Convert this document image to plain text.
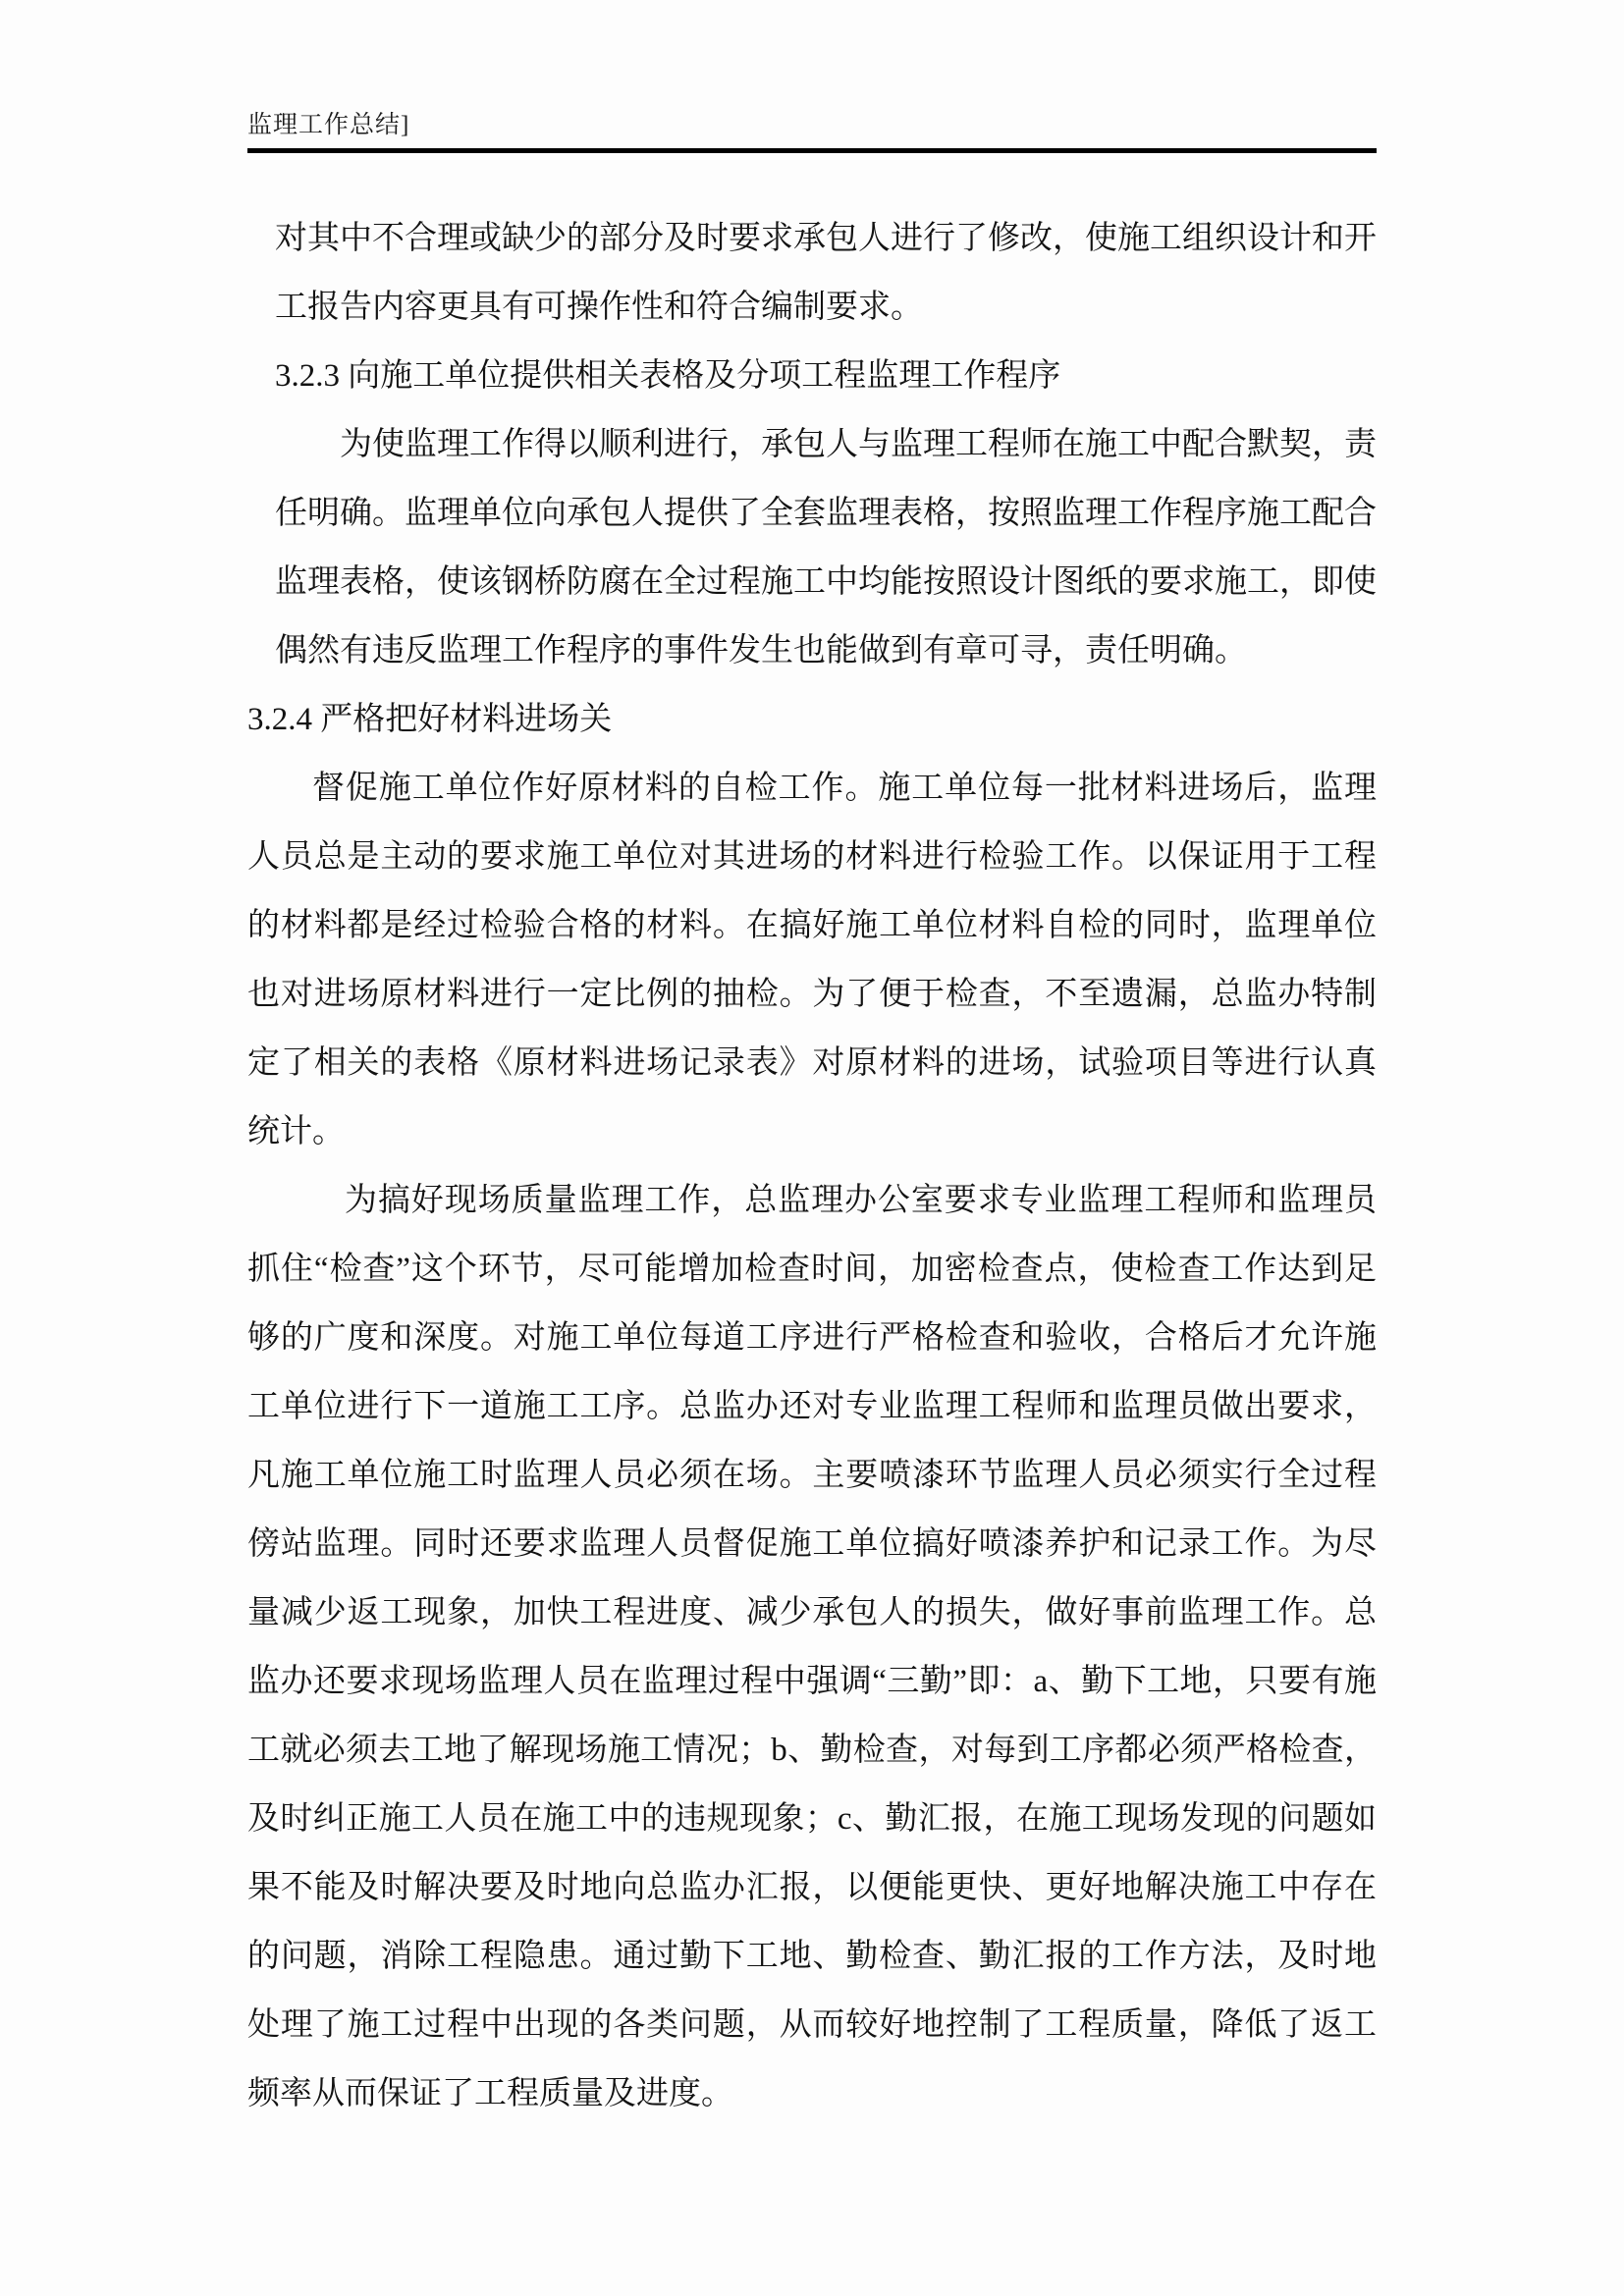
监理工作总结]

对其中不合理或缺少的部分及时要求承包人进行了修改，使施工组织设计和开工报告内容更具有可操作性和符合编制要求。

3.2.3 向施工单位提供相关表格及分项工程监理工作程序

为使监理工作得以顺利进行，承包人与监理工程师在施工中配合默契，责任明确。监理单位向承包人提供了全套监理表格，按照监理工作程序施工配合监理表格，使该钢桥防腐在全过程施工中均能按照设计图纸的要求施工，即使偶然有违反监理工作程序的事件发生也能做到有章可寻，责任明确。

3.2.4 严格把好材料进场关

督促施工单位作好原材料的自检工作。施工单位每一批材料进场后，监理人员总是主动的要求施工单位对其进场的材料进行检验工作。以保证用于工程的材料都是经过检验合格的材料。在搞好施工单位材料自检的同时，监理单位也对进场原材料进行一定比例的抽检。为了便于检查，不至遗漏，总监办特制定了相关的表格《原材料进场记录表》对原材料的进场，试验项目等进行认真统计。

为搞好现场质量监理工作，总监理办公室要求专业监理工程师和监理员抓住“检查”这个环节，尽可能增加检查时间，加密检查点，使检查工作达到足够的广度和深度。对施工单位每道工序进行严格检查和验收，合格后才允许施工单位进行下一道施工工序。总监办还对专业监理工程师和监理员做出要求，凡施工单位施工时监理人员必须在场。主要喷漆环节监理人员必须实行全过程傍站监理。同时还要求监理人员督促施工单位搞好喷漆养护和记录工作。为尽量减少返工现象，加快工程进度、减少承包人的损失，做好事前监理工作。总监办还要求现场监理人员在监理过程中强调“三勤”即：a、勤下工地，只要有施工就必须去工地了解现场施工情况；b、勤检查，对每到工序都必须严格检查，及时纠正施工人员在施工中的违规现象；c、勤汇报，在施工现场发现的问题如果不能及时解决要及时地向总监办汇报，以便能更快、更好地解决施工中存在的问题，消除工程隐患。通过勤下工地、勤检查、勤汇报的工作方法，及时地处理了施工过程中出现的各类问题，从而较好地控制了工程质量，降低了返工频率从而保证了工程质量及进度。
